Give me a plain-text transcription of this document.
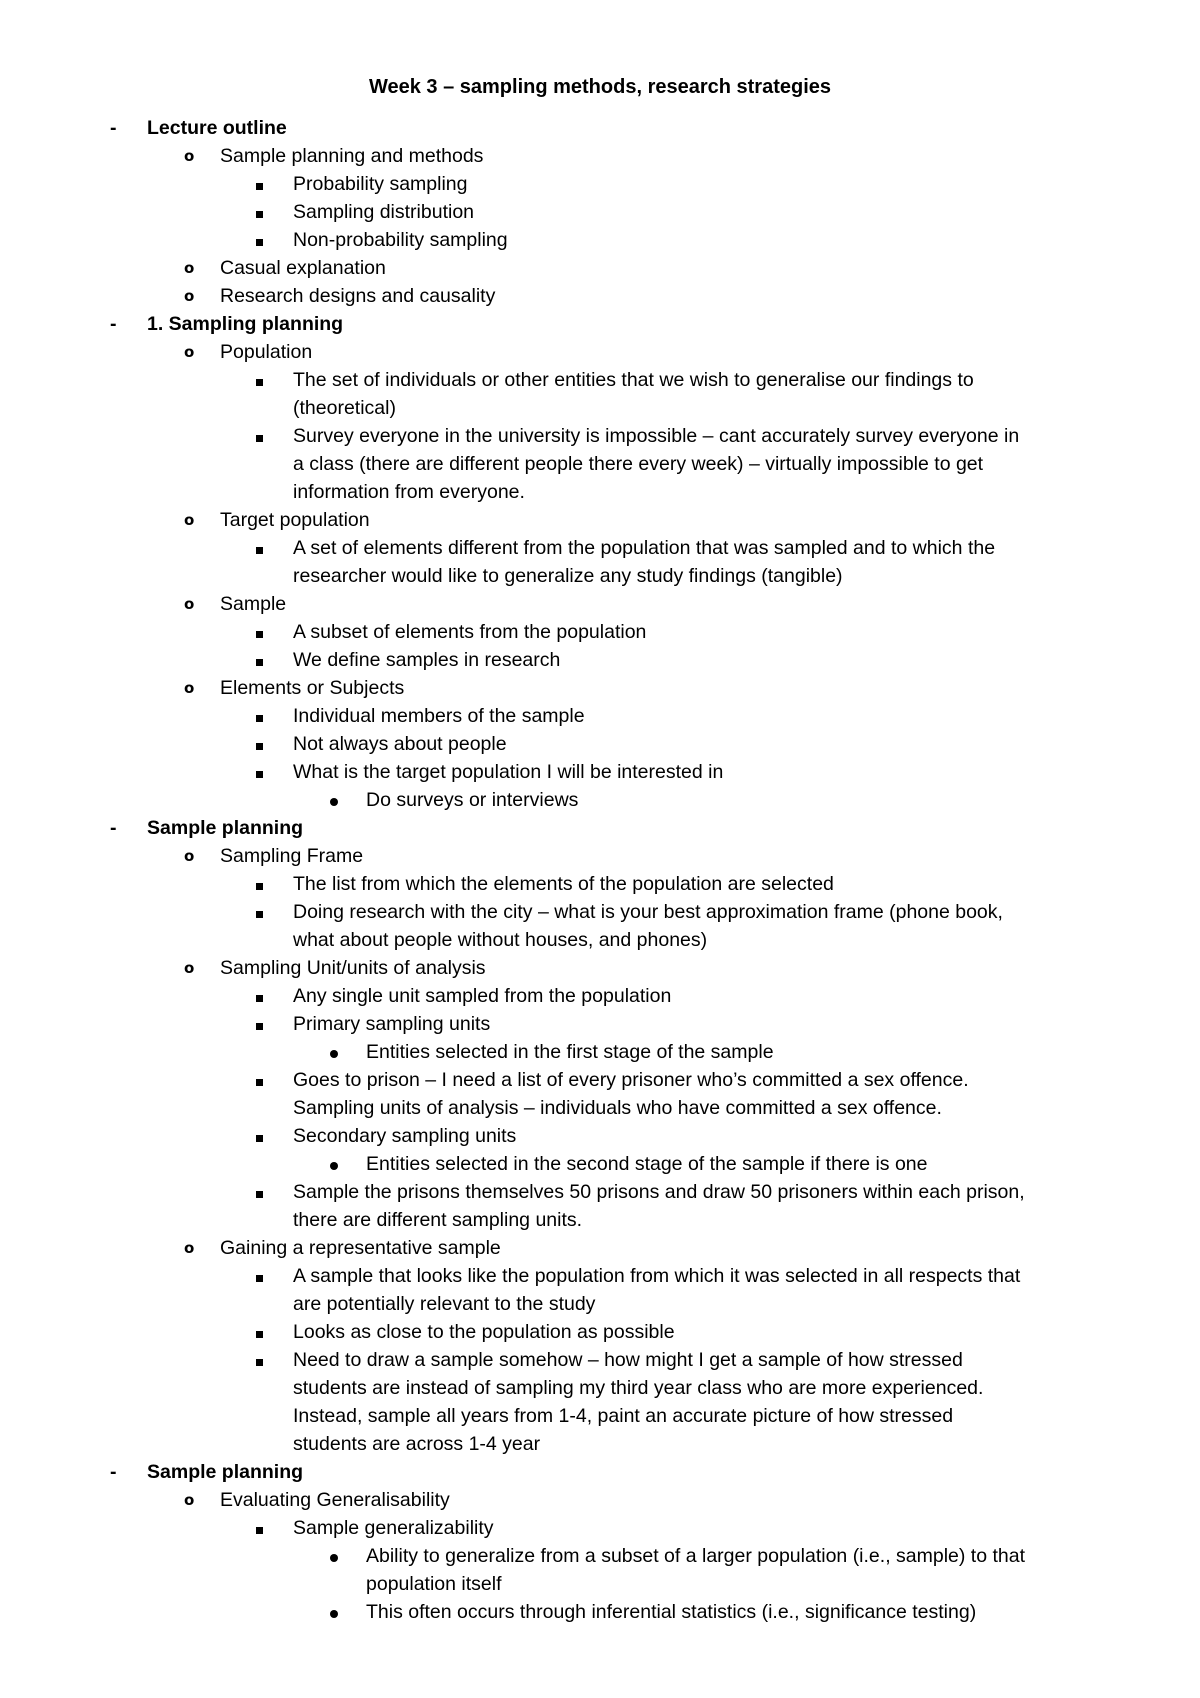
Week 3 – sampling methods, research strategies
- Lecture outline
o Sample planning and methods
Probability sampling
Sampling distribution
Non-probability sampling
o Casual explanation
o Research designs and causality
- 1. Sampling planning
o Population
The set of individuals or other entities that we wish to generalise our findings to
(theoretical)
Survey everyone in the university is impossible – cant accurately survey everyone in
a class (there are different people there every week) – virtually impossible to get
information from everyone.
o Target population
A set of elements different from the population that was sampled and to which the
researcher would like to generalize any study findings (tangible)
o Sample
A subset of elements from the population
We define samples in research
o Elements or Subjects
Individual members of the sample
Not always about people
What is the target population I will be interested in
Do surveys or interviews
- Sample planning
o Sampling Frame
The list from which the elements of the population are selected
Doing research with the city – what is your best approximation frame (phone book,
what about people without houses, and phones)
o Sampling Unit/units of analysis
Any single unit sampled from the population
Primary sampling units
Entities selected in the first stage of the sample
Goes to prison – I need a list of every prisoner who’s committed a sex offence.
Sampling units of analysis – individuals who have committed a sex offence.
Secondary sampling units
Entities selected in the second stage of the sample if there is one
Sample the prisons themselves 50 prisons and draw 50 prisoners within each prison,
there are different sampling units.
o Gaining a representative sample
A sample that looks like the population from which it was selected in all respects that
are potentially relevant to the study
Looks as close to the population as possible
Need to draw a sample somehow – how might I get a sample of how stressed
students are instead of sampling my third year class who are more experienced.
Instead, sample all years from 1-4, paint an accurate picture of how stressed
students are across 1-4 year
- Sample planning
o Evaluating Generalisability
Sample generalizability
Ability to generalize from a subset of a larger population (i.e., sample) to that
population itself
This often occurs through inferential statistics (i.e., significance testing)
